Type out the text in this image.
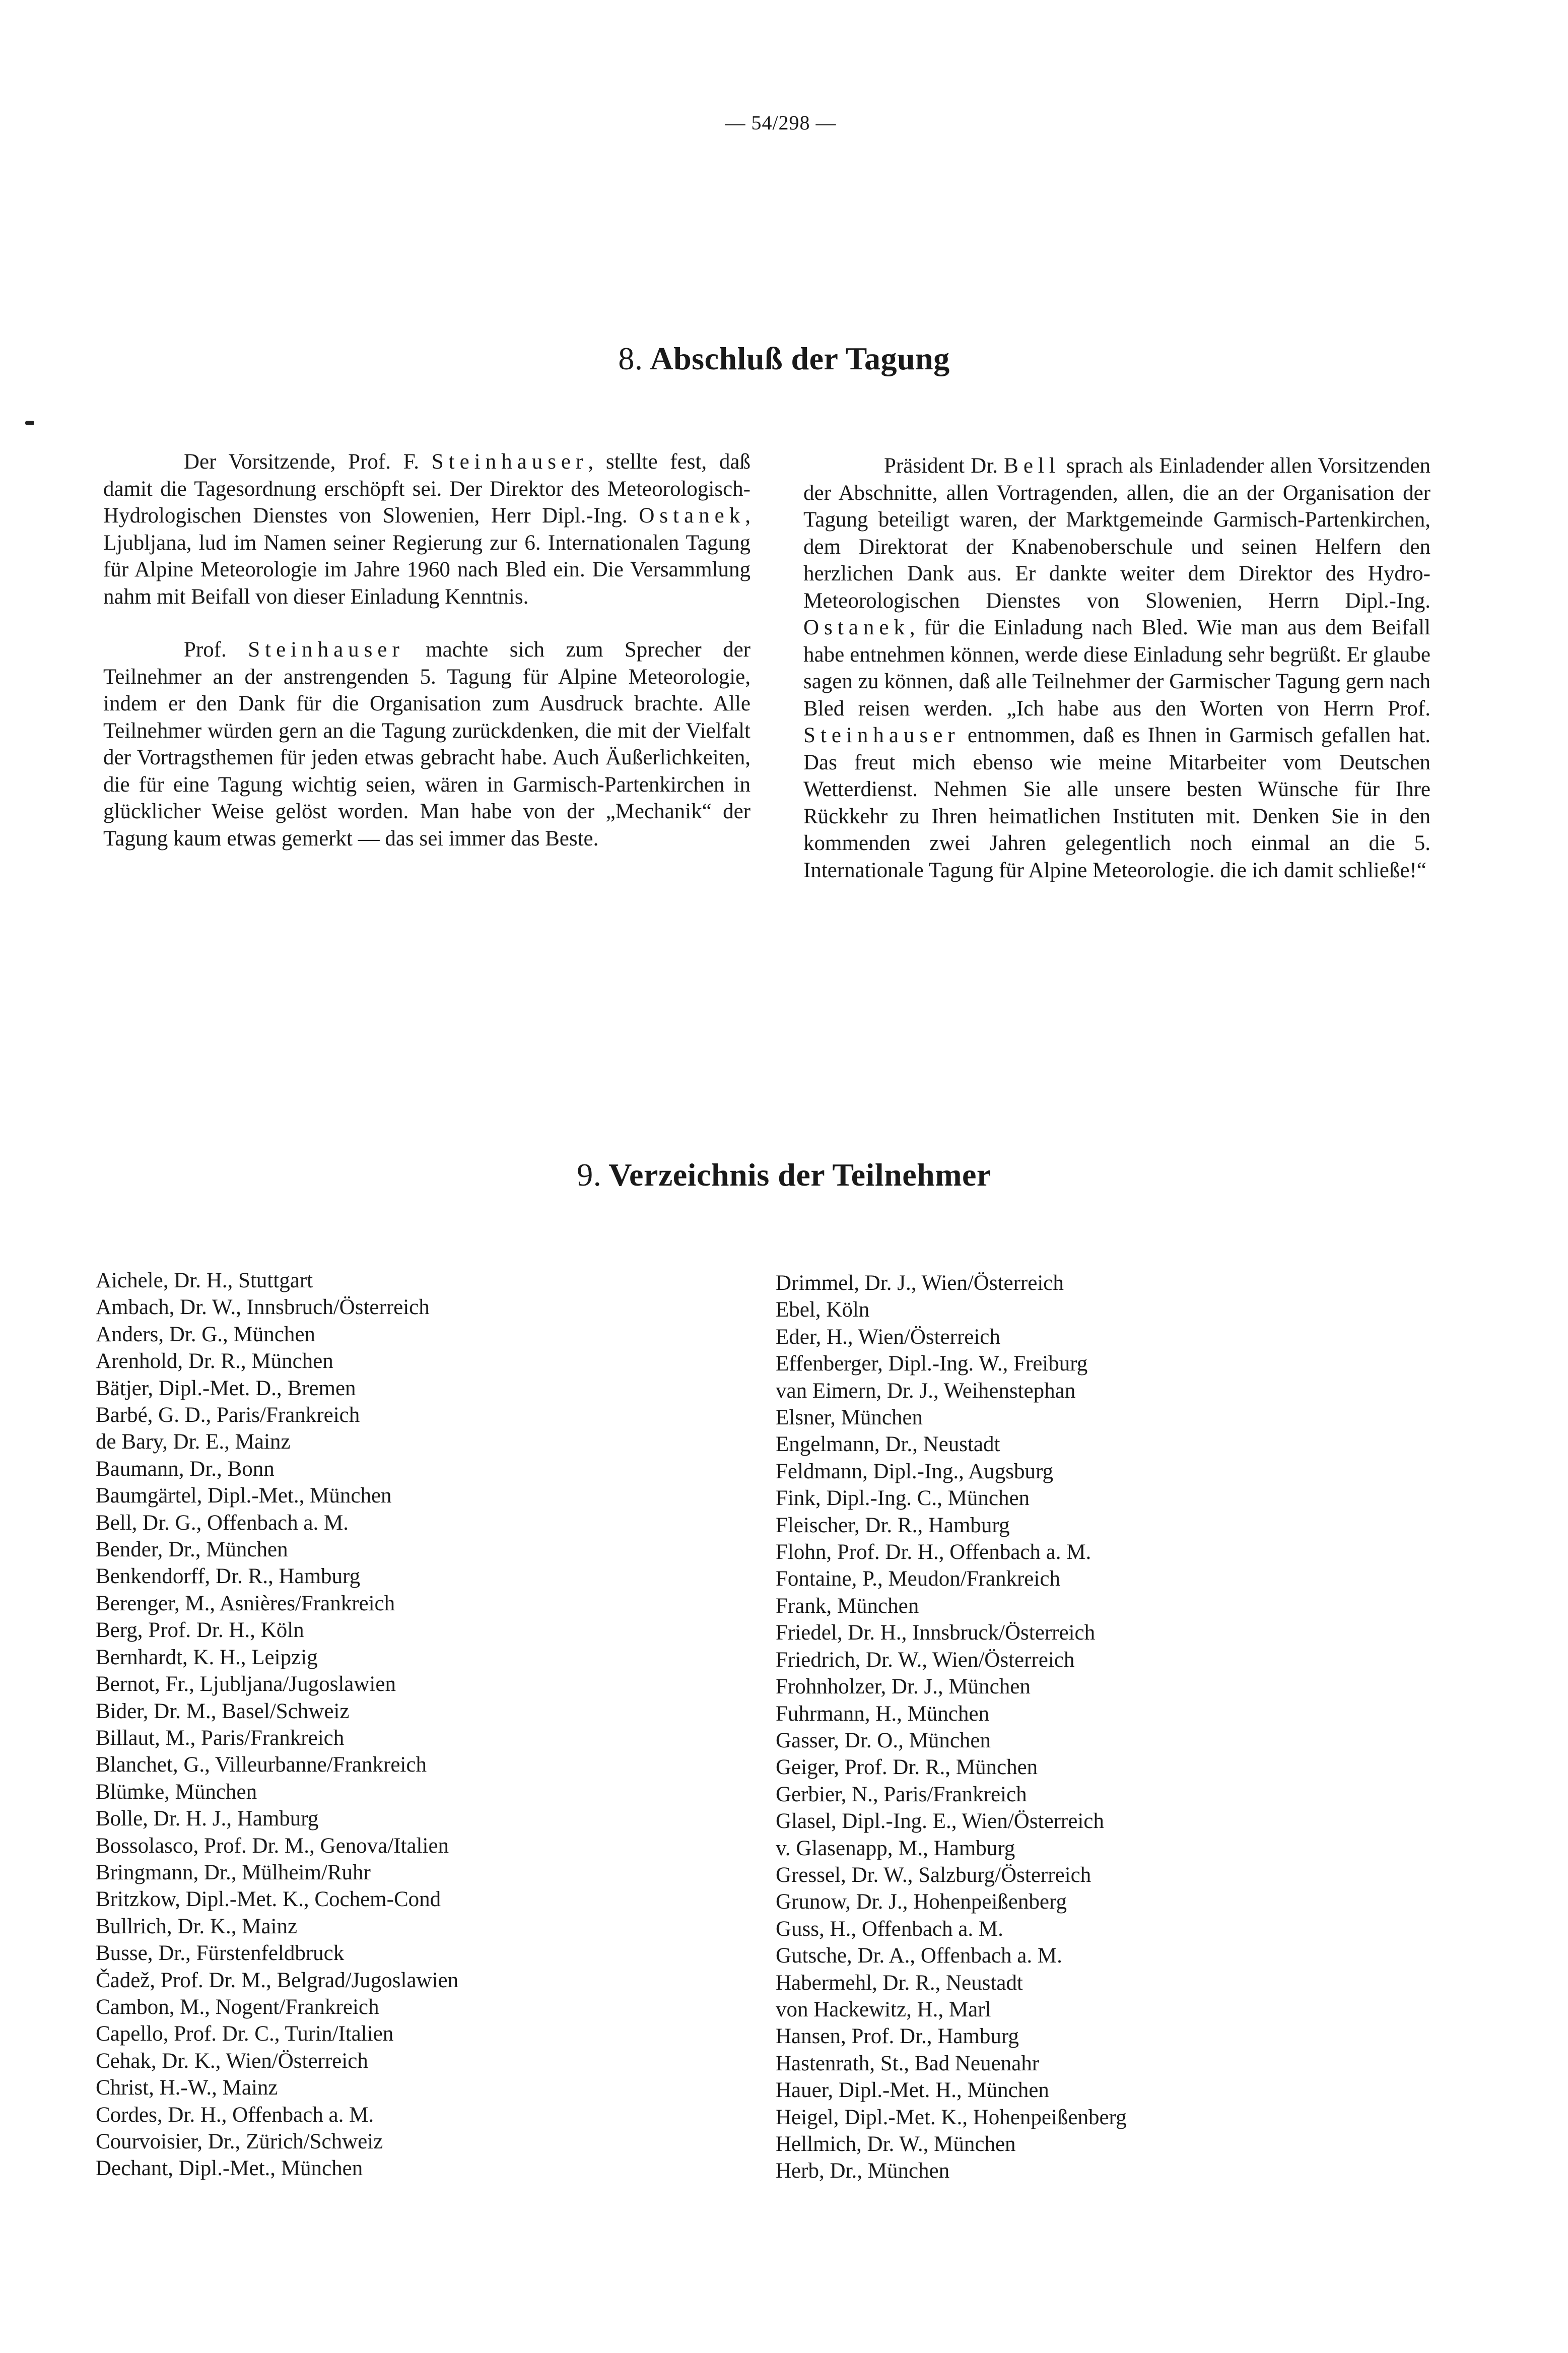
— 54/298 —
8. Abschluß der Tagung

Der Vorsitzende, Prof. F. Steinhauser, stellte fest, daß damit die Tagesordnung erschöpft sei. Der Direktor des Meteorologisch-Hydrologischen Dienstes von Slowenien, Herr Dipl.-Ing. Ostanek, Ljubljana, lud im Namen seiner Regierung zur 6. Internationalen Tagung für Alpine Meteorologie im Jahre 1960 nach Bled ein. Die Versammlung nahm mit Beifall von dieser Einladung Kenntnis.

Prof. Steinhauser machte sich zum Sprecher der Teilnehmer an der anstrengenden 5. Tagung für Alpine Meteorologie, indem er den Dank für die Organisation zum Ausdruck brachte. Alle Teilnehmer würden gern an die Tagung zurückdenken, die mit der Vielfalt der Vortragsthemen für jeden etwas gebracht habe. Auch Äußerlichkeiten, die für eine Tagung wichtig seien, wären in Garmisch-Partenkirchen in glücklicher Weise gelöst worden. Man habe von der „Mechanik“ der Tagung kaum etwas gemerkt — das sei immer das Beste.

Präsident Dr. Bell sprach als Einladender allen Vorsitzenden der Abschnitte, allen Vortragenden, allen, die an der Organisation der Tagung beteiligt waren, der Marktgemeinde Garmisch-Partenkirchen, dem Direktorat der Knabenoberschule und seinen Helfern den herzlichen Dank aus. Er dankte weiter dem Direktor des Hydro-Meteorologischen Dienstes von Slowenien, Herrn Dipl.-Ing. Ostanek, für die Einladung nach Bled. Wie man aus dem Beifall habe entnehmen können, werde diese Einladung sehr begrüßt. Er glaube sagen zu können, daß alle Teilnehmer der Garmischer Tagung gern nach Bled reisen werden. „Ich habe aus den Worten von Herrn Prof. Steinhauser entnommen, daß es Ihnen in Garmisch gefallen hat. Das freut mich ebenso wie meine Mitarbeiter vom Deutschen Wetterdienst. Nehmen Sie alle unsere besten Wünsche für Ihre Rückkehr zu Ihren heimatlichen Instituten mit. Denken Sie in den kommenden zwei Jahren gelegentlich noch einmal an die 5. Internationale Tagung für Alpine Meteorologie. die ich damit schließe!“

9. Verzeichnis der Teilnehmer
Aichele, Dr. H., Stuttgart
Ambach, Dr. W., Innsbruch/Österreich
Anders, Dr. G., München
Arenhold, Dr. R., München
Bätjer, Dipl.-Met. D., Bremen
Barbé, G. D., Paris/Frankreich
de Bary, Dr. E., Mainz
Baumann, Dr., Bonn
Baumgärtel, Dipl.-Met., München
Bell, Dr. G., Offenbach a. M.
Bender, Dr., München
Benkendorff, Dr. R., Hamburg
Berenger, M., Asnières/Frankreich
Berg, Prof. Dr. H., Köln
Bernhardt, K. H., Leipzig
Bernot, Fr., Ljubljana/Jugoslawien
Bider, Dr. M., Basel/Schweiz
Billaut, M., Paris/Frankreich
Blanchet, G., Villeurbanne/Frankreich
Blümke, München
Bolle, Dr. H. J., Hamburg
Bossolasco, Prof. Dr. M., Genova/Italien
Bringmann, Dr., Mülheim/Ruhr
Britzkow, Dipl.-Met. K., Cochem-Cond
Bullrich, Dr. K., Mainz
Busse, Dr., Fürstenfeldbruck
Čadež, Prof. Dr. M., Belgrad/Jugoslawien
Cambon, M., Nogent/Frankreich
Capello, Prof. Dr. C., Turin/Italien
Cehak, Dr. K., Wien/Österreich
Christ, H.-W., Mainz
Cordes, Dr. H., Offenbach a. M.
Courvoisier, Dr., Zürich/Schweiz
Dechant, Dipl.-Met., München
Drimmel, Dr. J., Wien/Österreich
Ebel, Köln
Eder, H., Wien/Österreich
Effenberger, Dipl.-Ing. W., Freiburg
van Eimern, Dr. J., Weihenstephan
Elsner, München
Engelmann, Dr., Neustadt
Feldmann, Dipl.-Ing., Augsburg
Fink, Dipl.-Ing. C., München
Fleischer, Dr. R., Hamburg
Flohn, Prof. Dr. H., Offenbach a. M.
Fontaine, P., Meudon/Frankreich
Frank, München
Friedel, Dr. H., Innsbruck/Österreich
Friedrich, Dr. W., Wien/Österreich
Frohnholzer, Dr. J., München
Fuhrmann, H., München
Gasser, Dr. O., München
Geiger, Prof. Dr. R., München
Gerbier, N., Paris/Frankreich
Glasel, Dipl.-Ing. E., Wien/Österreich
v. Glasenapp, M., Hamburg
Gressel, Dr. W., Salzburg/Österreich
Grunow, Dr. J., Hohenpeißenberg
Guss, H., Offenbach a. M.
Gutsche, Dr. A., Offenbach a. M.
Habermehl, Dr. R., Neustadt
von Hackewitz, H., Marl
Hansen, Prof. Dr., Hamburg
Hastenrath, St., Bad Neuenahr
Hauer, Dipl.-Met. H., München
Heigel, Dipl.-Met. K., Hohenpeißenberg
Hellmich, Dr. W., München
Herb, Dr., München
